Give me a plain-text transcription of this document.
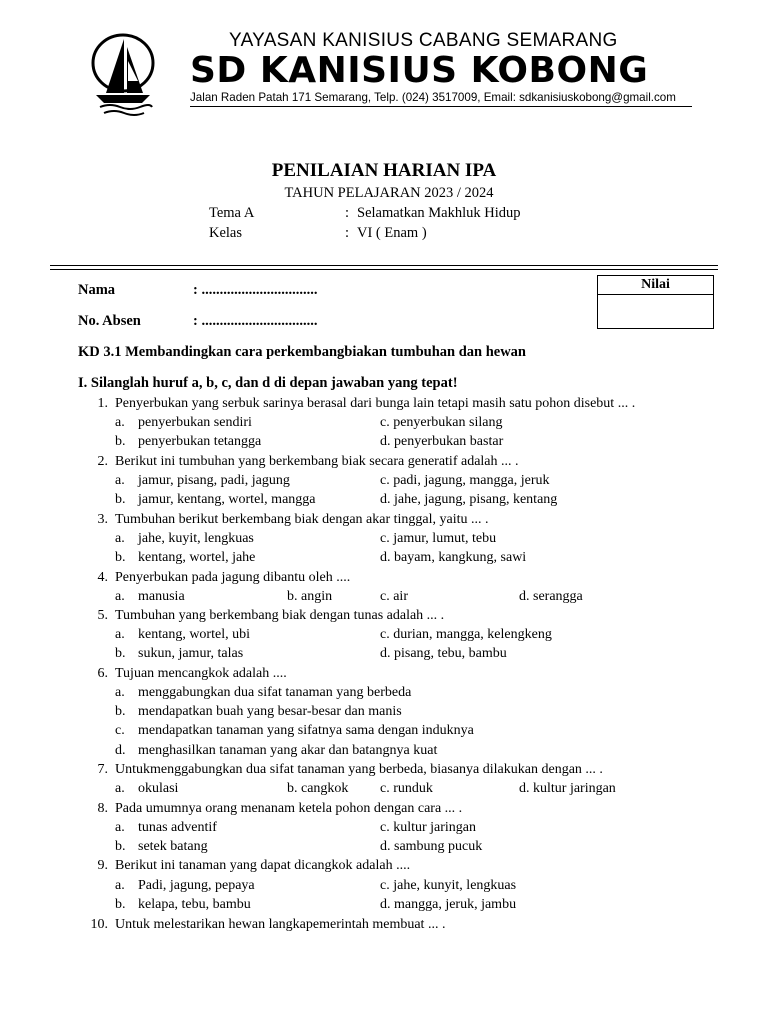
YAYASAN KANISIUS CABANG SEMARANG
SD KANISIUS KOBONG
Jalan Raden Patah 171 Semarang, Telp. (024) 3517009, Email: sdkanisiuskobong@gmail.com
PENILAIAN HARIAN IPA
TAHUN PELAJARAN 2023 / 2024
Tema A	: Selamatkan Makhluk Hidup
Kelas	: VI ( Enam )
Nama	: ................................
No. Absen	: ................................
Nilai
KD 3.1 Membandingkan cara perkembangbiakan tumbuhan dan hewan
I. Silanglah huruf a, b, c, dan d di depan jawaban yang tepat!
1. Penyerbukan yang serbuk sarinya berasal dari bunga lain tetapi masih satu pohon disebut ... .
a. penyerbukan sendiri	c. penyerbukan silang
b. penyerbukan tetangga	d. penyerbukan bastar
2. Berikut ini tumbuhan yang berkembang biak secara generatif adalah ... .
a. jamur, pisang, padi, jagung	c. padi, jagung, mangga, jeruk
b. jamur, kentang, wortel, mangga	d. jahe, jagung, pisang, kentang
3. Tumbuhan berikut berkembang biak dengan akar tinggal, yaitu ... .
a. jahe, kuyit, lengkuas	c. jamur, lumut, tebu
b. kentang, wortel, jahe	d. bayam, kangkung, sawi
4. Penyerbukan pada jagung dibantu oleh ....
a. manusia	b. angin	c. air	d. serangga
5. Tumbuhan yang berkembang biak dengan tunas adalah ... .
a. kentang, wortel, ubi	c. durian, mangga, kelengkeng
b. sukun, jamur, talas	d. pisang, tebu, bambu
6. Tujuan mencangkok adalah ....
a. menggabungkan dua sifat tanaman yang berbeda
b. mendapatkan buah yang besar-besar dan manis
c. mendapatkan tanaman yang sifatnya sama dengan induknya
d. menghasilkan tanaman yang akar dan batangnya kuat
7. Untukmenggabungkan dua sifat tanaman yang berbeda, biasanya dilakukan dengan ... .
a. okulasi	b. cangkok c. runduk	d. kultur jaringan
8. Pada umumnya orang menanam ketela pohon dengan cara ... .
a. tunas adventif	c. kultur jaringan
b. setek batang	d. sambung pucuk
9. Berikut ini tanaman yang dapat dicangkok adalah ....
a. Padi, jagung, pepaya	c. jahe, kunyit, lengkuas
b. kelapa, tebu, bambu	d. mangga, jeruk, jambu
10. Untuk melestarikan hewan langkapemerintah membuat ... .
